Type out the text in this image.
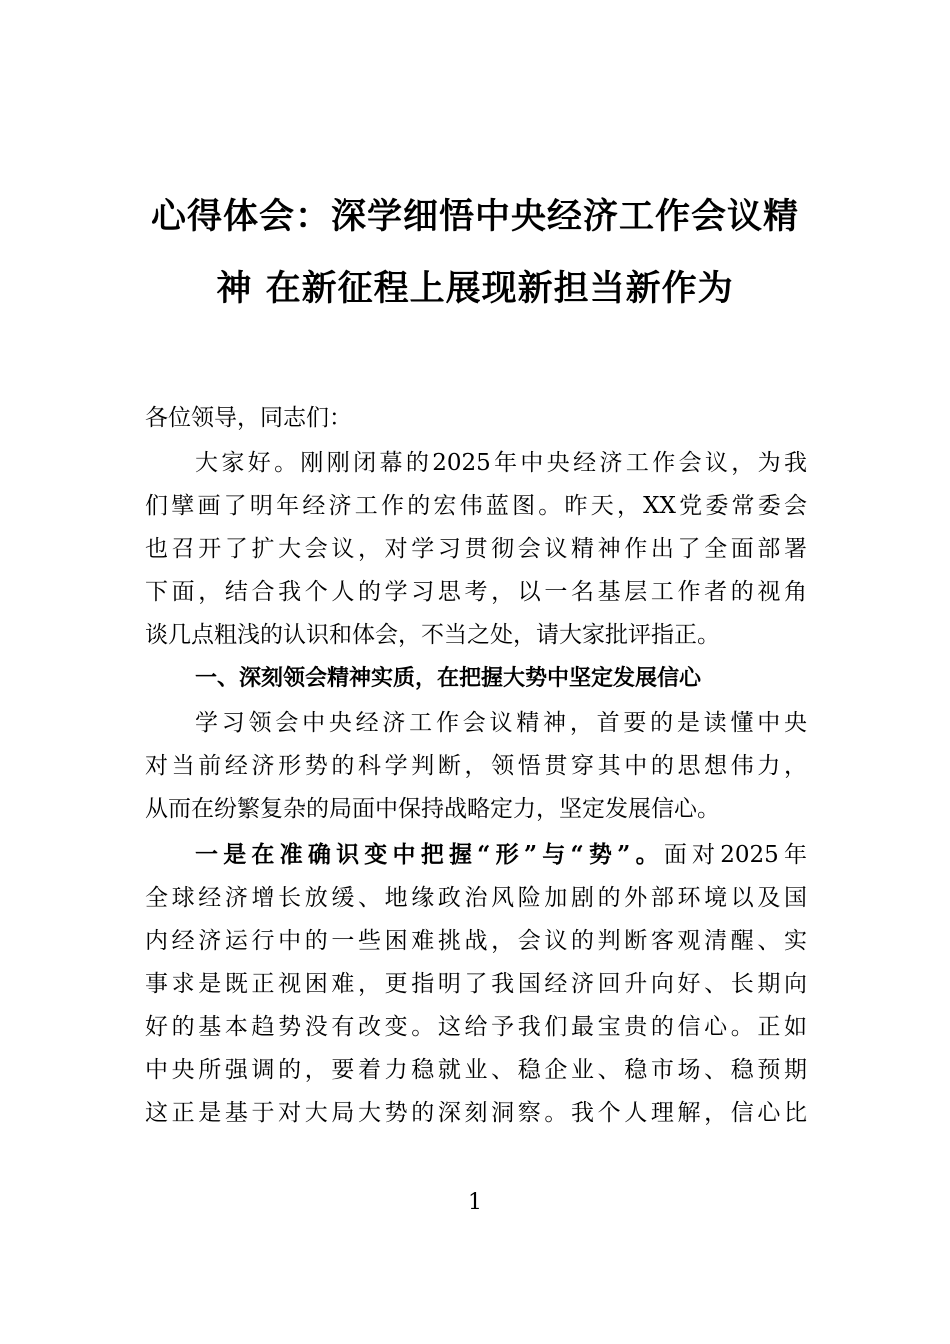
心得体会：深学细悟中央经济工作会议精
神 在新征程上展现新担当新作为
各位领导，同志们：
大家好。刚刚闭幕的2025年中央经济工作会议，为我
们擘画了明年经济工作的宏伟蓝图。昨天，XX党委常委会
也召开了扩大会议，对学习贯彻会议精神作出了全面部署
下面，结合我个人的学习思考，以一名基层工作者的视角
谈几点粗浅的认识和体会，不当之处，请大家批评指正。
一、深刻领会精神实质，在把握大势中坚定发展信心
学习领会中央经济工作会议精神，首要的是读懂中央
对当前经济形势的科学判断，领悟贯穿其中的思想伟力，
从而在纷繁复杂的局面中保持战略定力，坚定发展信心。
一是在准确识变中把握“形”与“势”。面对2025年
全球经济增长放缓、地缘政治风险加剧的外部环境以及国
内经济运行中的一些困难挑战，会议的判断客观清醒、实
事求是既正视困难，更指明了我国经济回升向好、长期向
好的基本趋势没有改变。这给予我们最宝贵的信心。正如
中央所强调的，要着力稳就业、稳企业、稳市场、稳预期
这正是基于对大局大势的深刻洞察。我个人理解，信心比
1
